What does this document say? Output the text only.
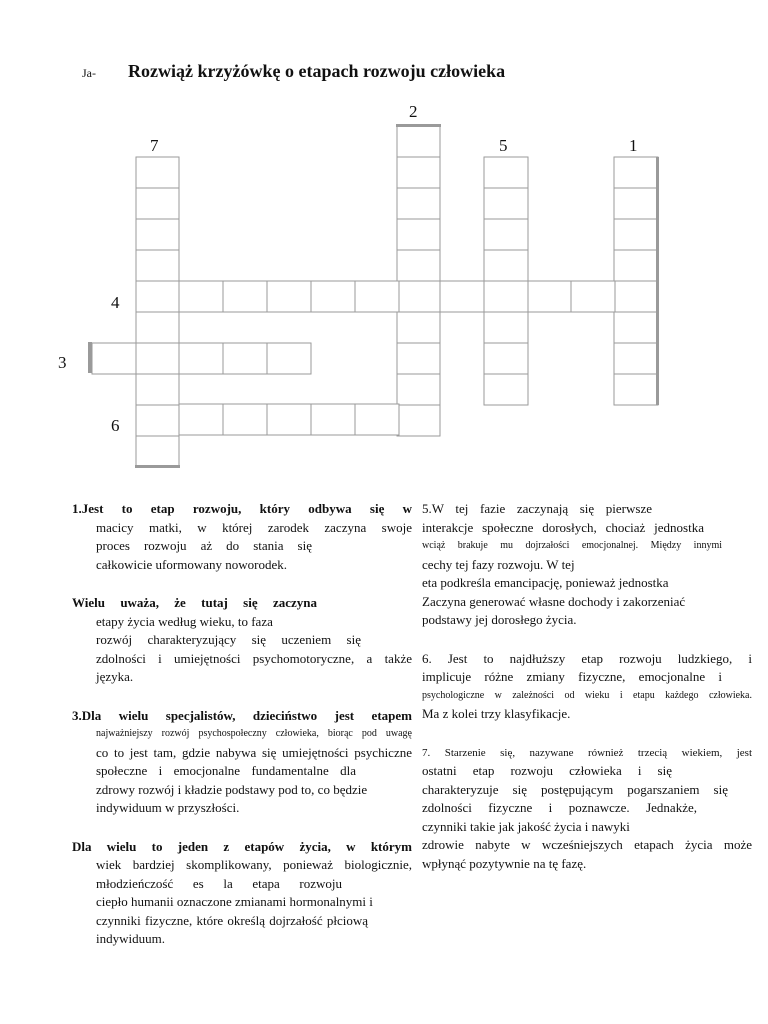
Ja- Rozwiąż krzyżówkę o etapach rozwoju człowieka
7
2
5	1
4
3
6

1.Jest to etap rozwoju, który odbywa się w

macicy matki, w której zarodek zaczyna swoje

proces rozwoju aż do stania się

całkowicie uformowany noworodek.

Wielu uważa, że tutaj się zaczyna

etapy życia według wieku, to faza

rozwój charakteryzujący się uczeniem się

zdolności i umiejętności psychomotoryczne, a także

języka.

3.Dla wielu specjalistów, dzieciństwo jest etapem

najważniejszy rozwój psychospołeczny człowieka, biorąc pod uwagę

co to jest tam, gdzie nabywa się umiejętności psychiczne

społeczne i emocjonalne fundamentalne dla

zdrowy rozwój i kładzie podstawy pod to, co będzie

indywiduum w przyszłości.

Dla wielu to jeden z etapów życia, w którym

wiek bardziej skomplikowany, ponieważ biologicznie,

młodzieńczość es la etapa rozwoju

ciepło humanii oznaczone zmianami hormonalnymi i

czynniki fizyczne, które określą dojrzałość płciową

indywiduum.

5.W tej fazie zaczynają się pierwsze

interakcje społeczne dorosłych, chociaż jednostka

wciąż brakuje mu dojrzałości emocjonalnej. Między innymi

cechy tej fazy rozwoju. W tej

eta podkreśla emancipację, ponieważ jednostka

Zaczyna generować własne dochody i zakorzeniać

podstawy jej dorosłego życia.

6. Jest to najdłuższy etap rozwoju ludzkiego, i

implicuje różne zmiany fizyczne, emocjonalne i

psychologiczne w zależności od wieku i etapu każdego człowieka.

Ma z kolei trzy klasyfikacje.

7. Starzenie się, nazywane również trzecią wiekiem, jest

ostatni etap rozwoju człowieka i się

charakteryzuje się postępującym pogarszaniem się

zdolności fizyczne i poznawcze. Jednakże,

czynniki takie jak jakość życia i nawyki

zdrowie nabyte w wcześniejszych etapach życia może

wpłynąć pozytywnie na tę fazę.
